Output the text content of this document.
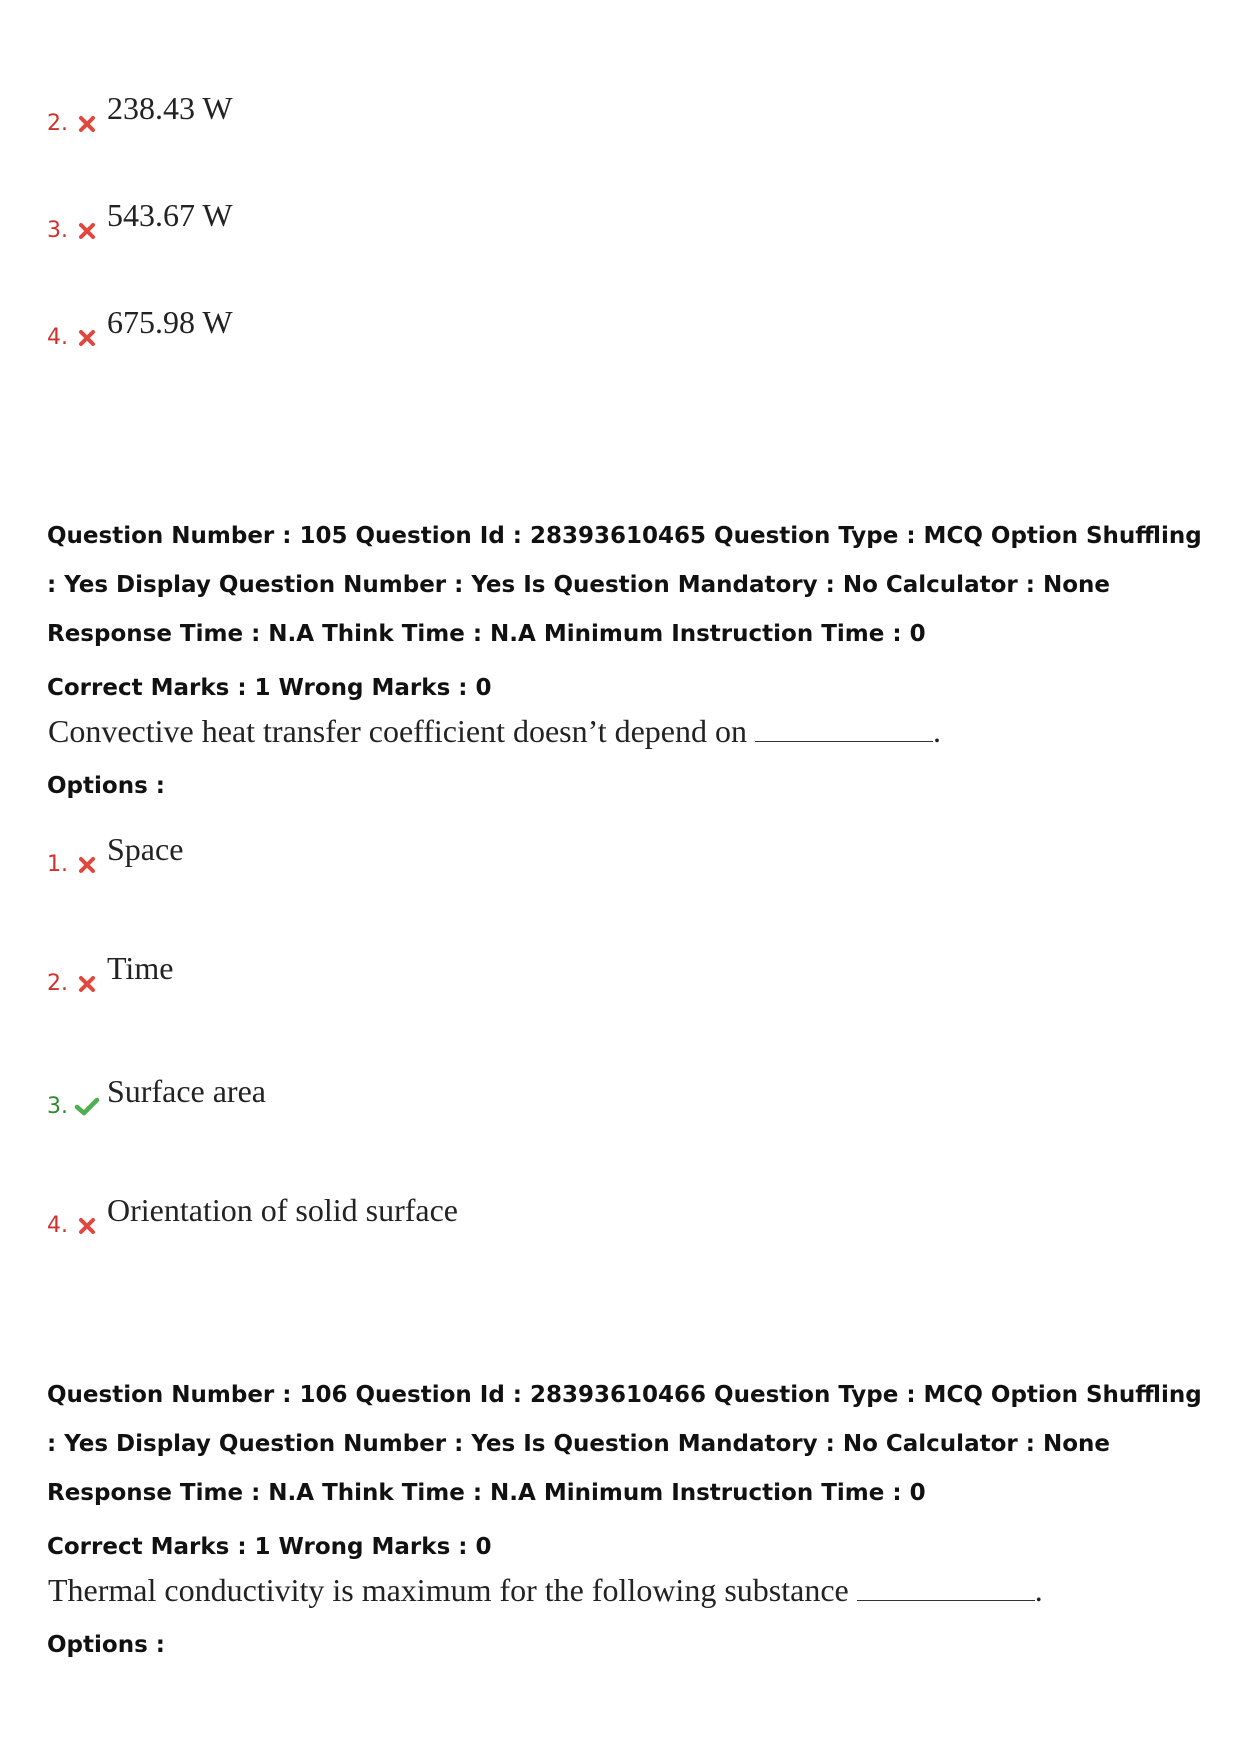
2. 238.43 W
3. 543.67 W
4. 675.98 W
Question Number : 105 Question Id : 28393610465 Question Type : MCQ Option Shuffling : Yes Display Question Number : Yes Is Question Mandatory : No Calculator : None Response Time : N.A Think Time : N.A Minimum Instruction Time : 0
Correct Marks : 1 Wrong Marks : 0
Convective heat transfer coefficient doesn’t depend on	.
Options :
1. Space
2. Time
3. Surface area
4. Orientation of solid surface
Question Number : 106 Question Id : 28393610466 Question Type : MCQ Option Shuffling : Yes Display Question Number : Yes Is Question Mandatory : No Calculator : None Response Time : N.A Think Time : N.A Minimum Instruction Time : 0
Correct Marks : 1 Wrong Marks : 0
Thermal conductivity is maximum for the following substance	.
Options :
